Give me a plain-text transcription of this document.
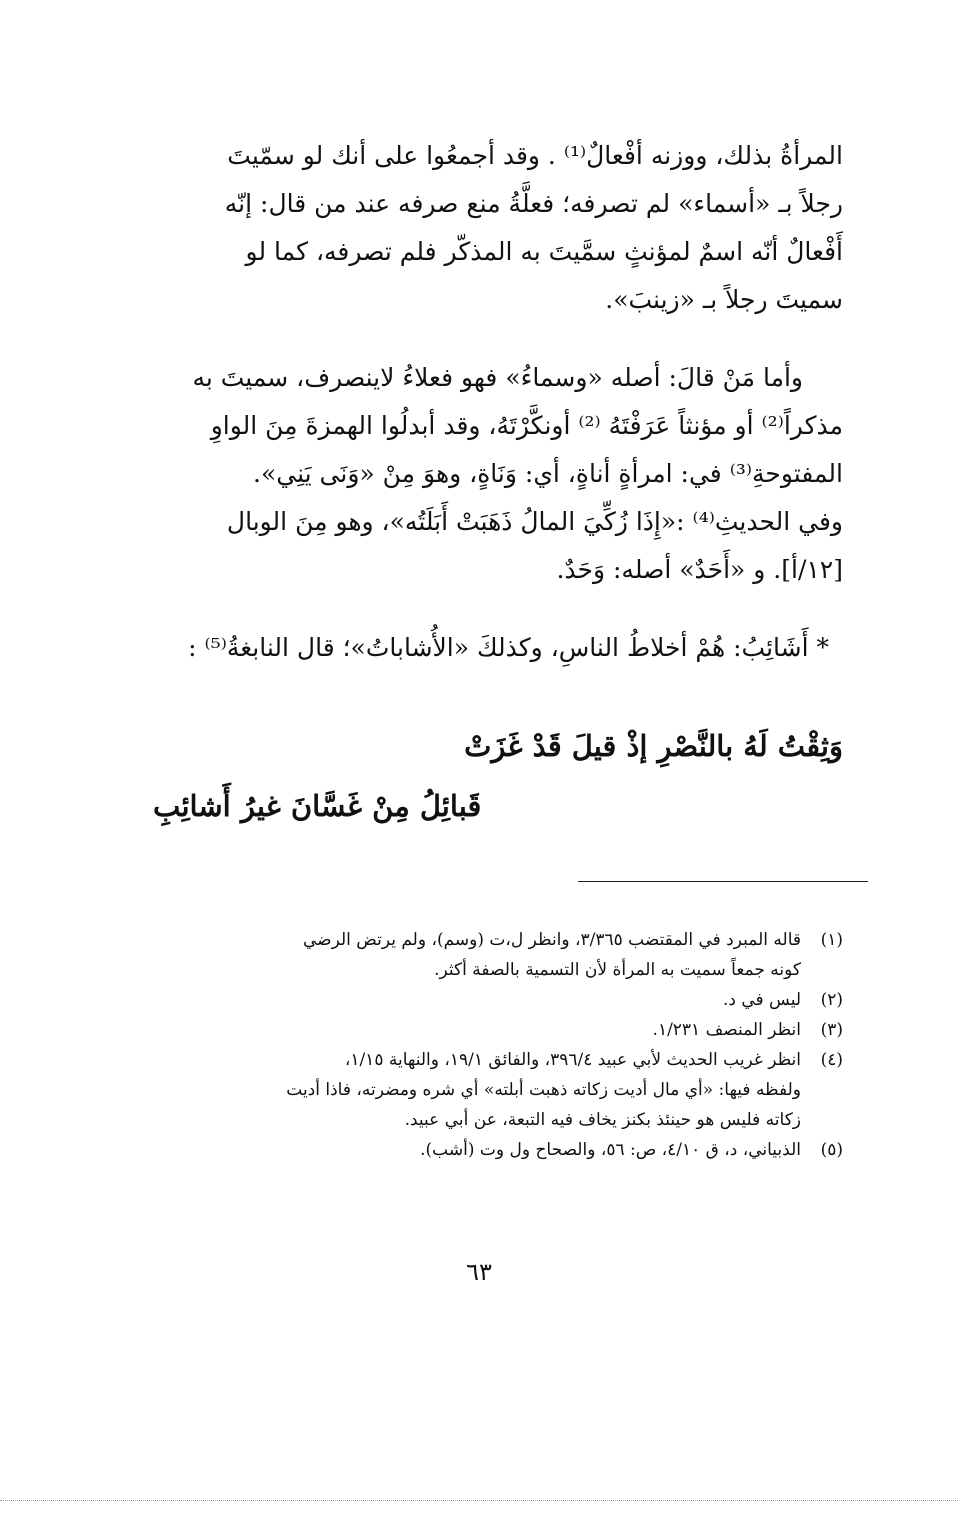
المرأةُ بذلك، ووزنه أفْعالٌ⁽¹⁾ . وقد أجمعُوا على أنك لو سمّيتَ
رجلاً بـ «أسماء» لم تصرفه؛ فعلَّةُ منع صرفه عند من قال: إنّه
أَفْعالٌ أنّه اسمٌ لمؤنثٍ سمَّيتَ به المذكّر فلم تصرفه، كما لو
سميتَ رجلاً بـ «زينبَ».

وأما مَنْ قالَ: أصله «وسماءُ» فهو فعلاءُ لاينصرف، سميتَ به
مذكراً⁽²⁾ أو مؤنثاً عَرَفْتَهُ ⁽²⁾ أونكَّرْتَهُ، وقد أبدلُوا الهمزةَ مِنَ الواوِ
المفتوحةِ⁽³⁾ في: امرأةٍ أناةٍ، أي: وَنَاةٍ، وهوَ مِنْ «وَنَى يَنِي».
وفي الحديثِ⁽⁴⁾ :«إِذَا زُكِّيَ المالُ ذَهَبَتْ أَبَلَتُه»، وهو مِنَ الوبال
[١٢/أ]. و «أَحَدٌ» أصله: وَحَدٌ.

* أَشَائِبُ: هُمْ أخلاطُ الناسِ، وكذلكَ «الأُشاباتُ»؛ قال النابغةُ⁽⁵⁾ :

وَثِقْتُ لَهُ بالنَّصْرِ إذْ قيلَ قَدْ غَزَتْ
قَبائِلُ مِنْ غَسَّانَ غيرُ أَشائِبِ
(١)
قاله المبرد في المقتضب ٣/٣٦٥، وانظر ل،ت (وسم)، ولم يرتض الرضي
كونه جمعاً سميت به المرأة لأن التسمية بالصفة أكثر.
(٢)
ليس في د.
(٣)
انظر المنصف ١/٢٣١.
(٤)
انظر غريب الحديث لأبي عبيد ٣٩٦/٤، والفائق ١٩/١، والنهاية ١/١٥،
ولفظه فيها: «أي مال أديت زكاته ذهبت أبلته» أي شره ومضرته، فاذا أديت
زكاته فليس هو حينئذ بكنز يخاف فيه التبعة، عن أبي عبيد.
(٥)
الذبياني، د، ق ٤/١٠، ص: ٥٦، والصحاح ول وت (أشب).
٦٣
